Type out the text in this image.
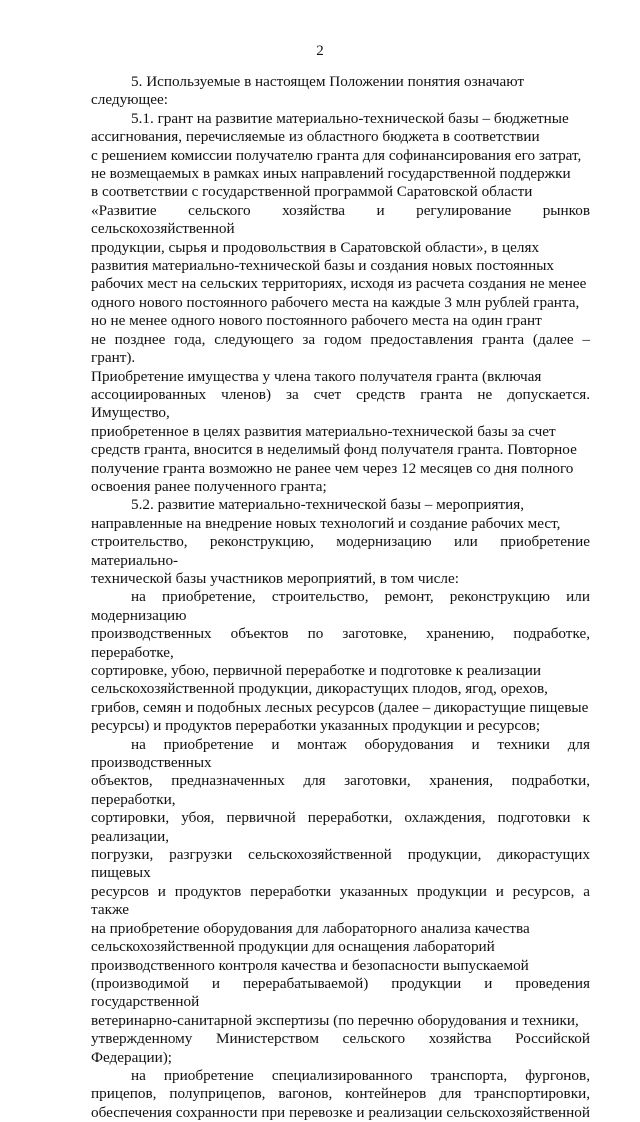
2

5. Используемые в настоящем Положении понятия означают
следующее:

5.1. грант на развитие материально-технической базы – бюджетные
ассигнования, перечисляемые из областного бюджета в соответствии
с решением комиссии получателю гранта для софинансирования его затрат,
не возмещаемых в рамках иных направлений государственной поддержки
в соответствии с государственной программой Саратовской области
«Развитие сельского хозяйства и регулирование рынков сельскохозяйственной
продукции, сырья и продовольствия в Саратовской области», в целях
развития материально-технической базы и создания новых постоянных
рабочих мест на сельских территориях, исходя из расчета создания не менее
одного нового постоянного рабочего места на каждые 3 млн рублей гранта,
но не менее одного нового постоянного рабочего места на один грант
не позднее года, следующего за годом предоставления гранта (далее – грант).
Приобретение имущества у члена такого получателя гранта (включая
ассоциированных членов) за счет средств гранта не допускается. Имущество,
приобретенное в целях развития материально-технической базы за счет
средств гранта, вносится в неделимый фонд получателя гранта. Повторное
получение гранта возможно не ранее чем через 12 месяцев со дня полного
освоения ранее полученного гранта;

5.2. развитие материально-технической базы – мероприятия,
направленные на внедрение новых технологий и создание рабочих мест,
строительство, реконструкцию, модернизацию или приобретение материально-
технической базы участников мероприятий, в том числе:

на приобретение, строительство, ремонт, реконструкцию или модернизацию
производственных объектов по заготовке, хранению, подработке, переработке,
сортировке, убою, первичной переработке и подготовке к реализации
сельскохозяйственной продукции, дикорастущих плодов, ягод, орехов,
грибов, семян и подобных лесных ресурсов (далее – дикорастущие пищевые
ресурсы) и продуктов переработки указанных продукции и ресурсов;

на приобретение и монтаж оборудования и техники для производственных
объектов, предназначенных для заготовки, хранения, подработки, переработки,
сортировки, убоя, первичной переработки, охлаждения, подготовки к реализации,
погрузки, разгрузки сельскохозяйственной продукции, дикорастущих пищевых
ресурсов и продуктов переработки указанных продукции и ресурсов, а также
на приобретение оборудования для лабораторного анализа качества
сельскохозяйственной продукции для оснащения лабораторий
производственного контроля качества и безопасности выпускаемой
(производимой и перерабатываемой) продукции и проведения государственной
ветеринарно-санитарной экспертизы (по перечню оборудования и техники,
утвержденному Министерством сельского хозяйства Российской Федерации);

на приобретение специализированного транспорта, фургонов,
прицепов, полуприцепов, вагонов, контейнеров для транспортировки,
обеспечения сохранности при перевозке и реализации сельскохозяйственной
